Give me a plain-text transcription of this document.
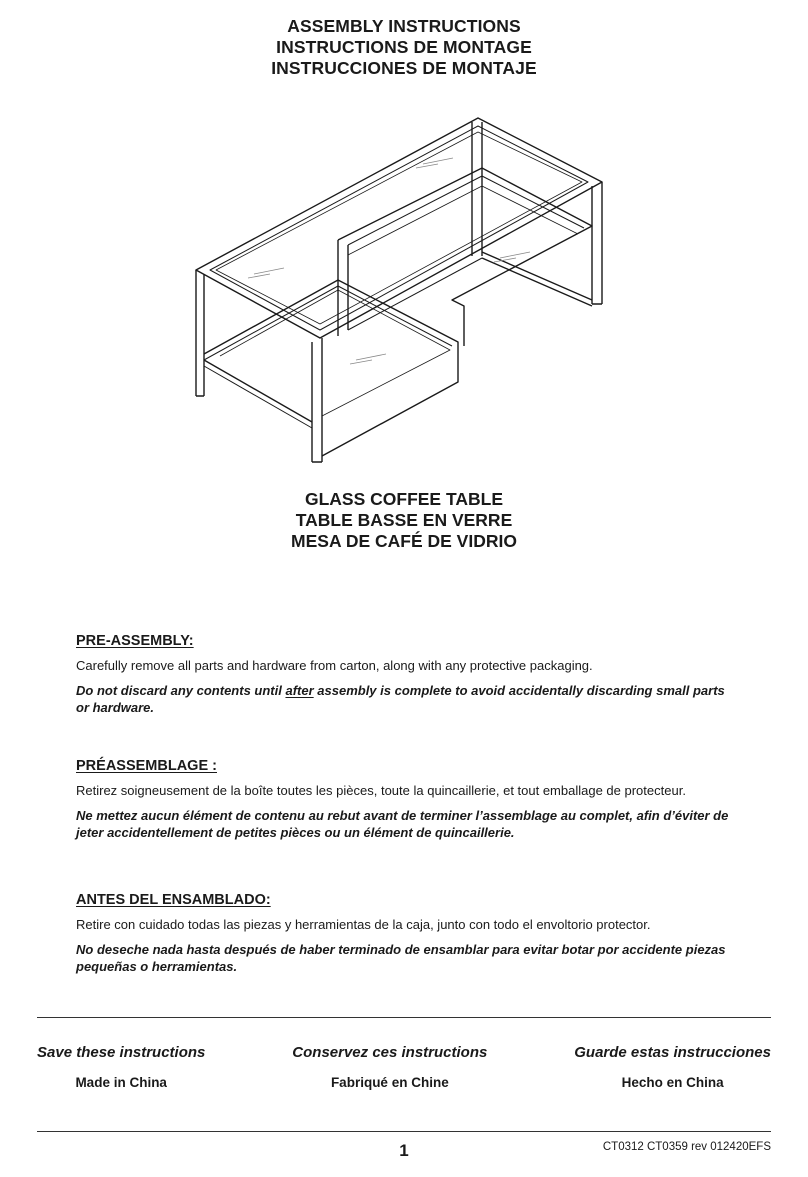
ASSEMBLY INSTRUCTIONS
INSTRUCTIONS DE MONTAGE
INSTRUCCIONES DE MONTAJE
GLASS COFFEE TABLE
TABLE BASSE EN VERRE
MESA DE CAFÉ DE VIDRIO
PRE-ASSEMBLY:

Carefully remove all parts and hardware from carton, along with any protective packaging.

Do not discard any contents until after assembly is complete to avoid accidentally discarding small parts or hardware.

PRÉASSEMBLAGE :

Retirez soigneusement de la boîte toutes les pièces, toute la quincaillerie, et tout emballage de protecteur.

Ne mettez aucun élément de contenu au rebut avant de terminer l’assemblage au complet, afin d’éviter de jeter accidentellement de petites pièces ou un élément de quincaillerie.

ANTES DEL ENSAMBLADO:

Retire con cuidado todas las piezas y herramientas de la caja, junto con todo el envoltorio protector.

No deseche nada hasta después de haber terminado de ensamblar para evitar botar por accidente piezas pequeñas o herramientas.

Save these instructions
Made in China
Conservez ces instructions
Fabriqué en Chine
Guarde estas instrucciones
Hecho en China
1	CT0312 CT0359 rev 012420EFS
